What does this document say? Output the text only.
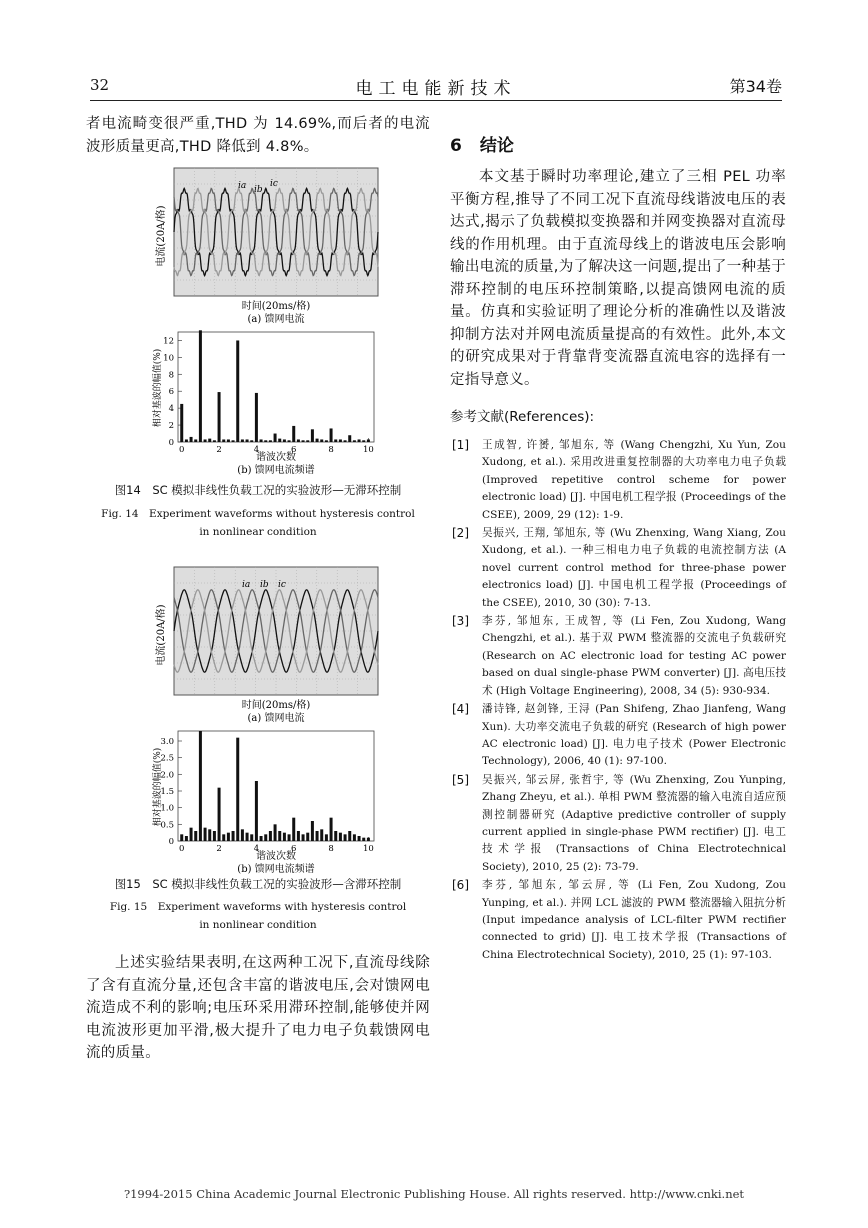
32	电工电能新技术	第34卷

者电流畸变很严重,THD 为 14.69%,而后者的电流波形质量更高,THD 降低到 4.8%。

电流(20A/格)
ia ib
ic
时间(20ms/格)
(a) 馈网电流
相对基波的幅值(%)
谐波次数
(b) 馈网电流频谱
0
2
4
6
8
10
12
0	2	4	6	8	10
图14　SC 模拟非线性负载工况的实验波形—无滞环控制
Fig. 14　Experiment waveforms without hysteresis control
in nonlinear condition
电流(20A/格)
ia ib ic
时间(20ms/格)
(a) 馈网电流
相对基波的幅值(%)
谐波次数
(b) 馈网电流频谱
0
0.5
1.0
1.5
2.0
2.5
3.0
0	2	4	6	8	10
图15　SC 模拟非线性负载工况的实验波形—含滞环控制
Fig. 15　Experiment waveforms with hysteresis control
in nonlinear condition

上述实验结果表明,在这两种工况下,直流母线除了含有直流分量,还包含丰富的谐波电压,会对馈网电流造成不利的影响;电压环采用滞环控制,能够使并网电流波形更加平滑,极大提升了电力电子负载馈网电流的质量。

6 结论

本文基于瞬时功率理论,建立了三相 PEL 功率平衡方程,推导了不同工况下直流母线谐波电压的表达式,揭示了负载模拟变换器和并网变换器对直流母线的作用机理。由于直流母线上的谐波电压会影响输出电流的质量,为了解决这一问题,提出了一种基于滞环控制的电压环控制策略,以提高馈网电流的质量。仿真和实验证明了理论分析的准确性以及谐波抑制方法对并网电流质量提高的有效性。此外,本文的研究成果对于背靠背变流器直流电容的选择有一定指导意义。

参考文献(References):
[1] 王成智, 许赟, 邹旭东, 等 (Wang Chengzhi, Xu Yun, Zou Xudong, et al.). 采用改进重复控制器的大功率电力电子负载 (Improved repetitive control scheme for power electronic load) [J]. 中国电机工程学报 (Proceedings of the CSEE), 2009, 29 (12): 1-9.
[2] 吴振兴, 王翔, 邹旭东, 等 (Wu Zhenxing, Wang Xiang, Zou Xudong, et al.). 一种三相电力电子负载的电流控制方法 (A novel current control method for three-phase power electronics load) [J]. 中国电机工程学报 (Proceedings of the CSEE), 2010, 30 (30): 7-13.
[3] 李芬, 邹旭东, 王成智, 等 (Li Fen, Zou Xudong, Wang Chengzhi, et al.). 基于双 PWM 整流器的交流电子负载研究 (Research on AC electronic load for testing AC power based on dual single-phase PWM converter) [J]. 高电压技术 (High Voltage Engineering), 2008, 34 (5): 930-934.
[4] 潘诗锋, 赵剑锋, 王浔 (Pan Shifeng, Zhao Jianfeng, Wang Xun). 大功率交流电子负载的研究 (Research of high power AC electronic load) [J]. 电力电子技术 (Power Electronic Technology), 2006, 40 (1): 97-100.
[5] 吴振兴, 邹云屏, 张哲宇, 等 (Wu Zhenxing, Zou Yunping, Zhang Zheyu, et al.). 单相 PWM 整流器的输入电流自适应预测控制器研究 (Adaptive predictive controller of supply current applied in single-phase PWM rectifier) [J]. 电工技术学报 (Transactions of China Electrotechnical Society), 2010, 25 (2): 73-79.
[6] 李芬, 邹旭东, 邹云屏, 等 (Li Fen, Zou Xudong, Zou Yunping, et al.). 并网 LCL 滤波的 PWM 整流器输入阻抗分析 (Input impedance analysis of LCL-filter PWM rectifier connected to grid) [J]. 电工技术学报 (Transactions of China Electrotechnical Society), 2010, 25 (1): 97-103.
?1994-2015 China Academic Journal Electronic Publishing House. All rights reserved. http://www.cnki.net
